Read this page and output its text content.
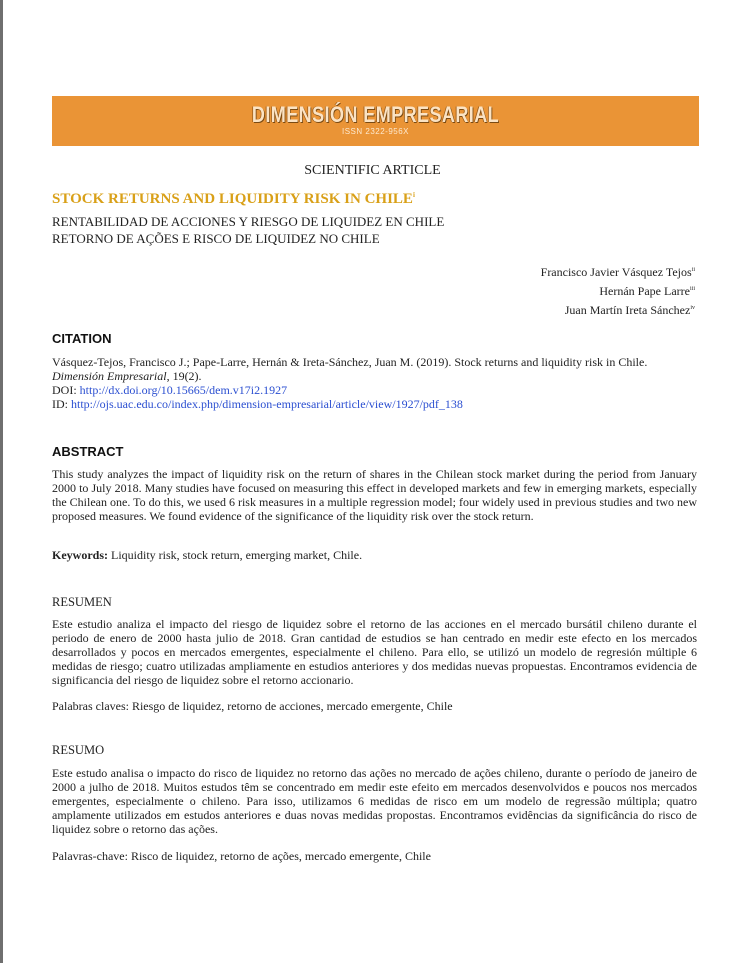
DIMENSIÓN EMPRESARIAL
ISSN 2322-956X
SCIENTIFIC ARTICLE
STOCK RETURNS AND LIQUIDITY RISK IN CHILE$^i$
RENTABILIDAD DE ACCIONES Y RIESGO DE LIQUIDEZ EN CHILE
RETORNO DE AÇÕES E RISCO DE LIQUIDEZ NO CHILE
Francisco Javier Vásquez Tejos$^{ii}$
Hernán Pape Larre$^{iii}$
Juan Martín Ireta Sánchez$^{iv}$
CITATION
Vásquez-Tejos, Francisco J.; Pape-Larre, Hernán & Ireta-Sánchez, Juan M. (2019). Stock returns and liquidity risk in Chile.
Dimensión Empresarial, 19(2).
DOI: http://dx.doi.org/10.15665/dem.v17i2.1927
ID: http://ojs.uac.edu.co/index.php/dimension-empresarial/article/view/1927/pdf_138
ABSTRACT
This study analyzes the impact of liquidity risk on the return of shares in the Chilean stock market during the period from January 2000 to July 2018. Many studies have focused on measuring this effect in developed markets and few in emerging markets, especially the Chilean one. To do this, we used 6 risk measures in a multiple regression model; four widely used in previous studies and two new proposed measures. We found evidence of the significance of the liquidity risk over the stock return.
Keywords: Liquidity risk, stock return, emerging market, Chile.
RESUMEN
Este estudio analiza el impacto del riesgo de liquidez sobre el retorno de las acciones en el mercado bursátil chileno durante el periodo de enero de 2000 hasta julio de 2018. Gran cantidad de estudios se han centrado en medir este efecto en los mercados desarrollados y pocos en mercados emergentes, especialmente el chileno. Para ello, se utilizó un modelo de regresión múltiple 6 medidas de riesgo; cuatro utilizadas ampliamente en estudios anteriores y dos medidas nuevas propuestas. Encontramos evidencia de significancia del riesgo de liquidez sobre el retorno accionario.
Palabras claves: Riesgo de liquidez, retorno de acciones, mercado emergente, Chile
RESUMO
Este estudo analisa o impacto do risco de liquidez no retorno das ações no mercado de ações chileno, durante o período de janeiro de 2000 a julho de 2018. Muitos estudos têm se concentrado em medir este efeito em mercados desenvolvidos e poucos nos mercados emergentes, especialmente o chileno. Para isso, utilizamos 6 medidas de risco em um modelo de regressão múltipla; quatro amplamente utilizados em estudos anteriores e duas novas medidas propostas. Encontramos evidências da significância do risco de liquidez sobre o retorno das ações.
Palavras-chave: Risco de liquidez, retorno de ações, mercado emergente, Chile
